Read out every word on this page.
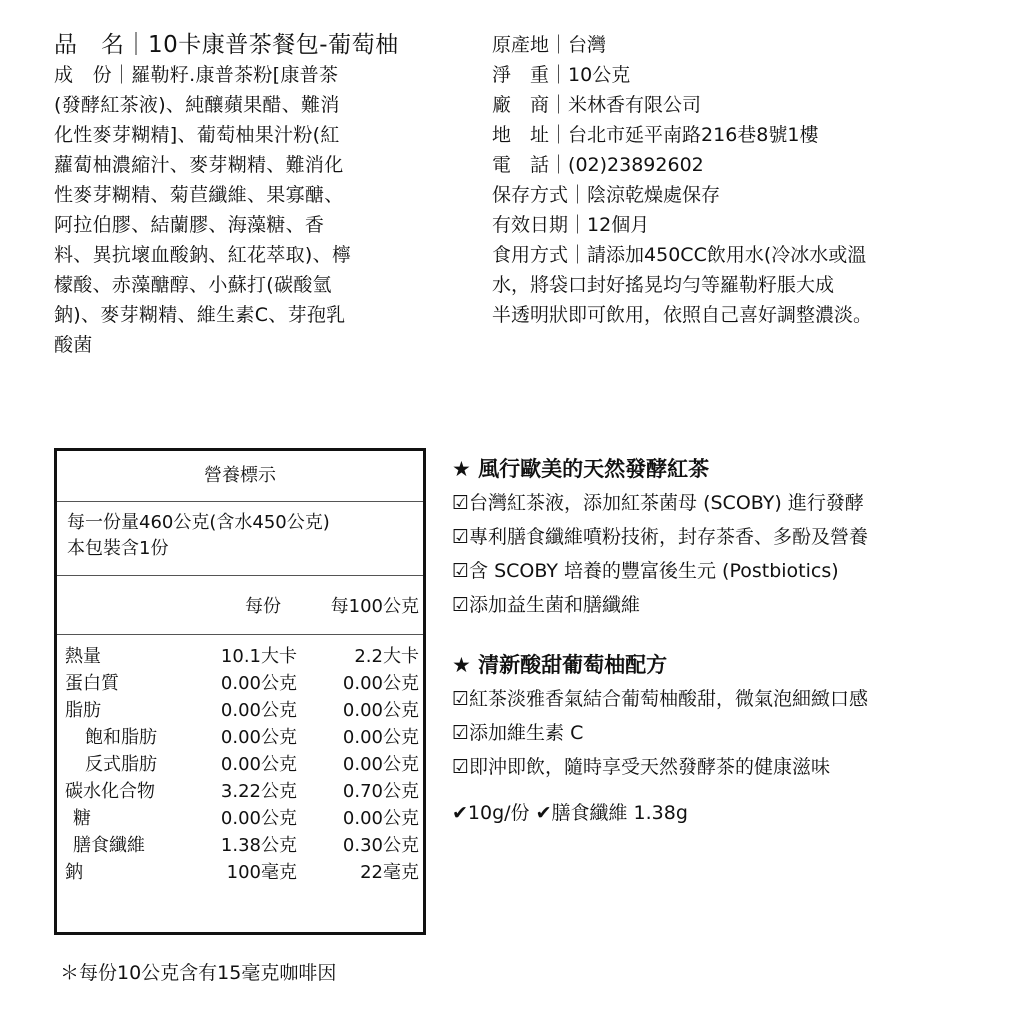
品　名｜10卡康普茶餐包-葡萄柚
成　份｜羅勒籽.康普茶粉[康普茶
(發酵紅茶液)、純釀蘋果醋、難消
化性麥芽糊精]、葡萄柚果汁粉(紅
蘿蔔柚濃縮汁、麥芽糊精、難消化
性麥芽糊精、菊苣纖維、果寡醣、
阿拉伯膠、結蘭膠、海藻糖、香
料、異抗壞血酸鈉、紅花萃取)、檸
檬酸、赤藻醣醇、小蘇打(碳酸氫
鈉)、麥芽糊精、維生素C、芽孢乳
酸菌
原產地｜台灣
淨　重｜10公克
廠　商｜米林香有限公司
地　址｜台北市延平南路216巷8號1樓
電　話｜(02)23892602
保存方式｜陰涼乾燥處保存
有效日期｜12個月
食用方式｜請添加450CC飲用水(冷冰水或溫
水，將袋口封好搖晃均勻等羅勒籽脹大成
半透明狀即可飲用，依照自己喜好調整濃淡。
營養標示
每一份量460公克(含水450公克)
本包裝含1份
每份	每100公克
熱量	10.1大卡	2.2大卡
蛋白質	0.00公克	0.00公克
脂肪	0.00公克	0.00公克
飽和脂肪	0.00公克	0.00公克
反式脂肪	0.00公克	0.00公克
碳水化合物	3.22公克	0.70公克
糖	0.00公克	0.00公克
膳食纖維	1.38公克	0.30公克
鈉	100毫克	22毫克
＊每份10公克含有15毫克咖啡因
★ 風行歐美的天然發酵紅茶
☑台灣紅茶液，添加紅茶菌母 (SCOBY) 進行發酵
☑專利膳食纖維噴粉技術，封存茶香、多酚及營養
☑含 SCOBY 培養的豐富後生元 (Postbiotics)
☑添加益生菌和膳纖維
★ 清新酸甜葡萄柚配方
☑紅茶淡雅香氣結合葡萄柚酸甜，微氣泡細緻口感
☑添加維生素 C
☑即沖即飲，隨時享受天然發酵茶的健康滋味
✔10g/份 ✔膳食纖維 1.38g
